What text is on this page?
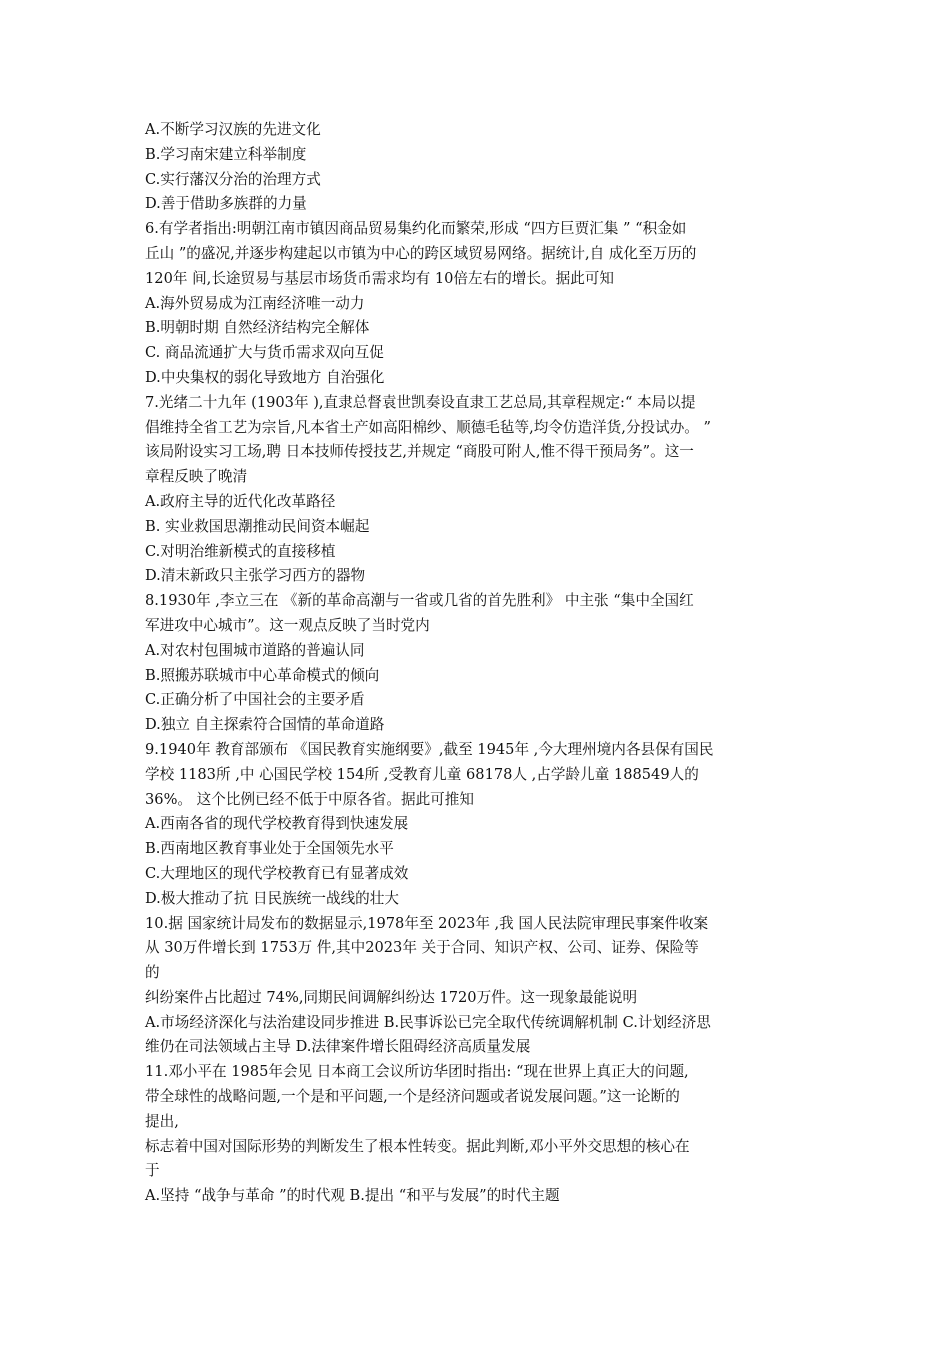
A.不断学习汉族的先进文化
B.学习南宋建立科举制度
C.实行藩汉分治的治理方式
D.善于借助多族群的力量
6.有学者指出:明朝江南市镇因商品贸易集约化而繁荣,形成 “四方巨贾汇集 ” “积金如
丘山 ”的盛况,并逐步构建起以市镇为中心的跨区域贸易网络。据统计,自 成化至万历的
120年 间,长途贸易与基层市场货币需求均有 10倍左右的增长。据此可知
A.海外贸易成为江南经济唯一动力
B.明朝时期 自然经济结构完全解体
C. 商品流通扩大与货币需求双向互促
D.中央集权的弱化导致地方 自治强化
7.光绪二十九年 (1903年 ),直隶总督袁世凯奏设直隶工艺总局,其章程规定:“ 本局以提
倡维持全省工艺为宗旨,凡本省土产如高阳棉纱、顺德毛毡等,均令仿造洋货,分投试办。 ”
该局附设实习工场,聘 日本技师传授技艺,并规定 “商股可附人,惟不得干预局务”。这一
章程反映了晚清
A.政府主导的近代化改革路径
B. 实业救国思潮推动民间资本崛起
C.对明治维新模式的直接移植
D.清末新政只主张学习西方的器物
8.1930年 ,李立三在 《新的革命高潮与一省或几省的首先胜利》 中主张 “集中全国红
军进攻中心城市”。这一观点反映了当时党内
A.对农村包围城市道路的普遍认同
B.照搬苏联城市中心革命模式的倾向
C.正确分析了中国社会的主要矛盾
D.独立 自主探索符合国情的革命道路
9.1940年 教育部颁布 《国民教育实施纲要》,截至 1945年 ,今大理州境内各县保有国民
学校 1183所 ,中 心国民学校 154所 ,受教育儿童 68178人 ,占学龄儿童 188549人的
36%。 这个比例已经不低于中原各省。据此可推知
A.西南各省的现代学校教育得到快速发展
B.西南地区教育事业处于全国领先水平
C.大理地区的现代学校教育已有显著成效
D.极大推动了抗 日民族统一战线的壮大
10.据 国家统计局发布的数据显示,1978年至 2023年 ,我 国人民法院审理民事案件收案
从 30万件增长到 1753万 件,其中2023年 关于合同、知识产权、公司、证券、保险等
的
纠纷案件占比超过 74%,同期民间调解纠纷达 1720万件。这一现象最能说明
A.市场经济深化与法治建设同步推进 B.民事诉讼已完全取代传统调解机制 C.计划经济思
维仍在司法领域占主导 D.法律案件增长阻碍经济高质量发展
11.邓小平在 1985年会见 日本商工会议所访华团时指出: “现在世界上真正大的问题,
带全球性的战略问题,一个是和平问题,一个是经济问题或者说发展问题。”这一论断的
提出,
标志着中国对国际形势的判断发生了根本性转变。据此判断,邓小平外交思想的核心在
于
A.坚持 “战争与革命 ”的时代观 B.提出 “和平与发展”的时代主题
